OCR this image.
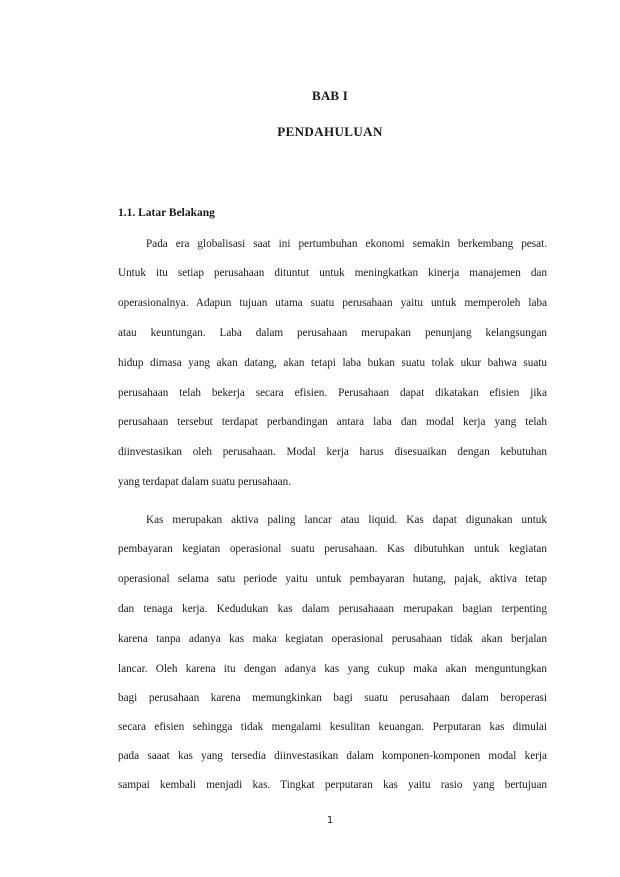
BAB I
PENDAHULUAN
1.1. Latar Belakang
Pada era globalisasi saat ini pertumbuhan ekonomi semakin berkembang pesat.
Untuk itu setiap perusahaan dituntut untuk meningkatkan kinerja manajemen dan
operasionalnya. Adapun tujuan utama suatu perusahaan yaitu untuk memperoleh laba
atau keuntungan. Laba dalam perusahaan merupakan penunjang kelangsungan
hidup dimasa yang akan datang, akan tetapi laba bukan suatu tolak ukur bahwa suatu
perusahaan telah bekerja secara efisien. Perusahaan dapat dikatakan efisien jika
perusahaan tersebut terdapat perbandingan antara laba dan modal kerja yang telah
diinvestasikan oleh perusahaan. Modal kerja harus disesuaikan dengan kebutuhan
yang terdapat dalam suatu perusahaan.
Kas merupakan aktiva paling lancar atau liquid. Kas dapat digunakan untuk
pembayaran kegiatan operasional suatu perusahaan. Kas dibutuhkan untuk kegiatan
operasional selama satu periode yaitu untuk pembayaran hutang, pajak, aktiva tetap
dan tenaga kerja. Kedudukan kas dalam perusahaaan merupakan bagian terpenting
karena tanpa adanya kas maka kegiatan operasional perusahaan tidak akan berjalan
lancar. Oleh karena itu dengan adanya kas yang cukup maka akan menguntungkan
bagi perusahaan karena memungkinkan bagi suatu perusahaan dalam beroperasi
secara efisien sehingga tidak mengalami kesulitan keuangan. Perputaran kas dimulai
pada saaat kas yang tersedia diinvestasikan dalam komponen-komponen modal kerja
sampai kembali menjadi kas. Tingkat perputaran kas yaitu rasio yang bertujuan
1
